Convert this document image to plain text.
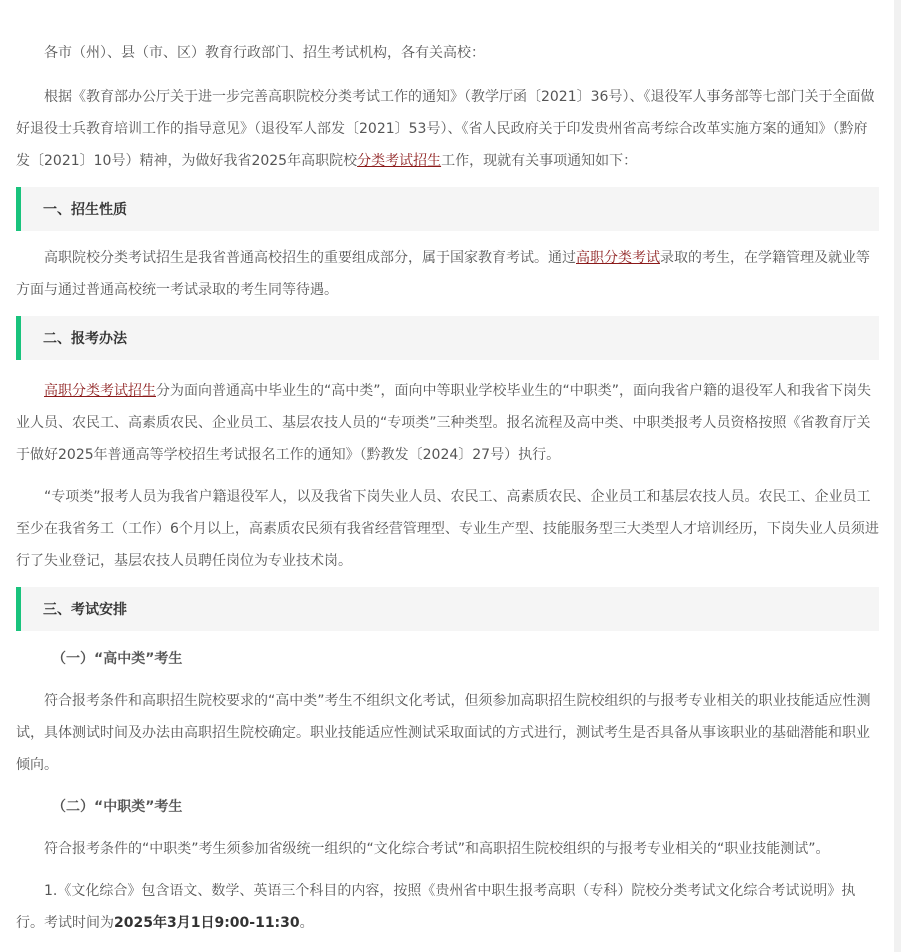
各市（州）、县（市、区）教育行政部门、招生考试机构，各有关高校：

根据《教育部办公厅关于进一步完善高职院校分类考试工作的通知》（教学厅函〔2021〕36号）、《退役军人事务部等七部门关于全面做好退役士兵教育培训工作的指导意见》（退役军人部发〔2021〕53号）、《省人民政府关于印发贵州省高考综合改革实施方案的通知》（黔府发〔2021〕10号）精神，为做好我省2025年高职院校分类考试招生工作，现就有关事项通知如下：

一、招生性质

高职院校分类考试招生是我省普通高校招生的重要组成部分，属于国家教育考试。通过高职分类考试录取的考生，在学籍管理及就业等方面与通过普通高校统一考试录取的考生同等待遇。

二、报考办法

高职分类考试招生分为面向普通高中毕业生的“高中类”，面向中等职业学校毕业生的“中职类”，面向我省户籍的退役军人和我省下岗失业人员、农民工、高素质农民、企业员工、基层农技人员的“专项类”三种类型。报名流程及高中类、中职类报考人员资格按照《省教育厅关于做好2025年普通高等学校招生考试报名工作的通知》（黔教发〔2024〕27号）执行。

“专项类”报考人员为我省户籍退役军人，以及我省下岗失业人员、农民工、高素质农民、企业员工和基层农技人员。农民工、企业员工至少在我省务工（工作）6个月以上，高素质农民须有我省经营管理型、专业生产型、技能服务型三大类型人才培训经历，下岗失业人员须进行了失业登记，基层农技人员聘任岗位为专业技术岗。

三、考试安排
（一）“高中类”考生

符合报考条件和高职招生院校要求的“高中类”考生不组织文化考试，但须参加高职招生院校组织的与报考专业相关的职业技能适应性测试，具体测试时间及办法由高职招生院校确定。职业技能适应性测试采取面试的方式进行，测试考生是否具备从事该职业的基础潜能和职业倾向。

（二）“中职类”考生

符合报考条件的“中职类”考生须参加省级统一组织的“文化综合考试”和高职招生院校组织的与报考专业相关的“职业技能测试”。

1.《文化综合》包含语文、数学、英语三个科目的内容，按照《贵州省中职生报考高职（专科）院校分类考试文化综合考试说明》执行。考试时间为2025年3月1日9:00-11:30。
